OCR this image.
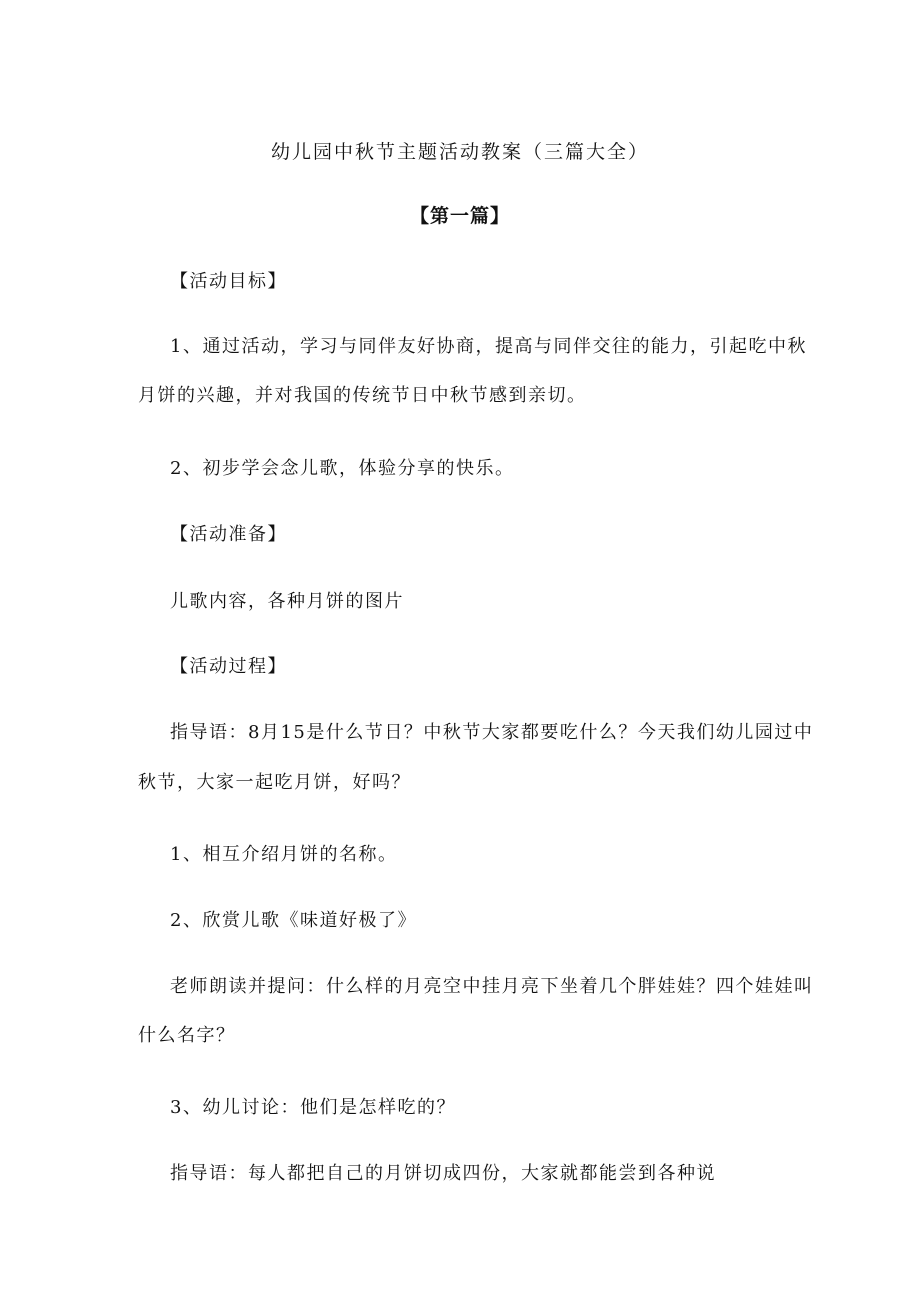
幼儿园中秋节主题活动教案（三篇大全）
【第一篇】
【活动目标】
1、通过活动，学习与同伴友好协商，提高与同伴交往的能力，引起吃中秋
月饼的兴趣，并对我国的传统节日中秋节感到亲切。
2、初步学会念儿歌，体验分享的快乐。
【活动准备】
儿歌内容，各种月饼的图片
【活动过程】
指导语：8月15是什么节日？中秋节大家都要吃什么？今天我们幼儿园过中
秋节，大家一起吃月饼，好吗？
1、相互介绍月饼的名称。
2、欣赏儿歌《味道好极了》
老师朗读并提问：什么样的月亮空中挂月亮下坐着几个胖娃娃？四个娃娃叫
什么名字？
3、幼儿讨论：他们是怎样吃的？
指导语：每人都把自己的月饼切成四份，大家就都能尝到各种说
